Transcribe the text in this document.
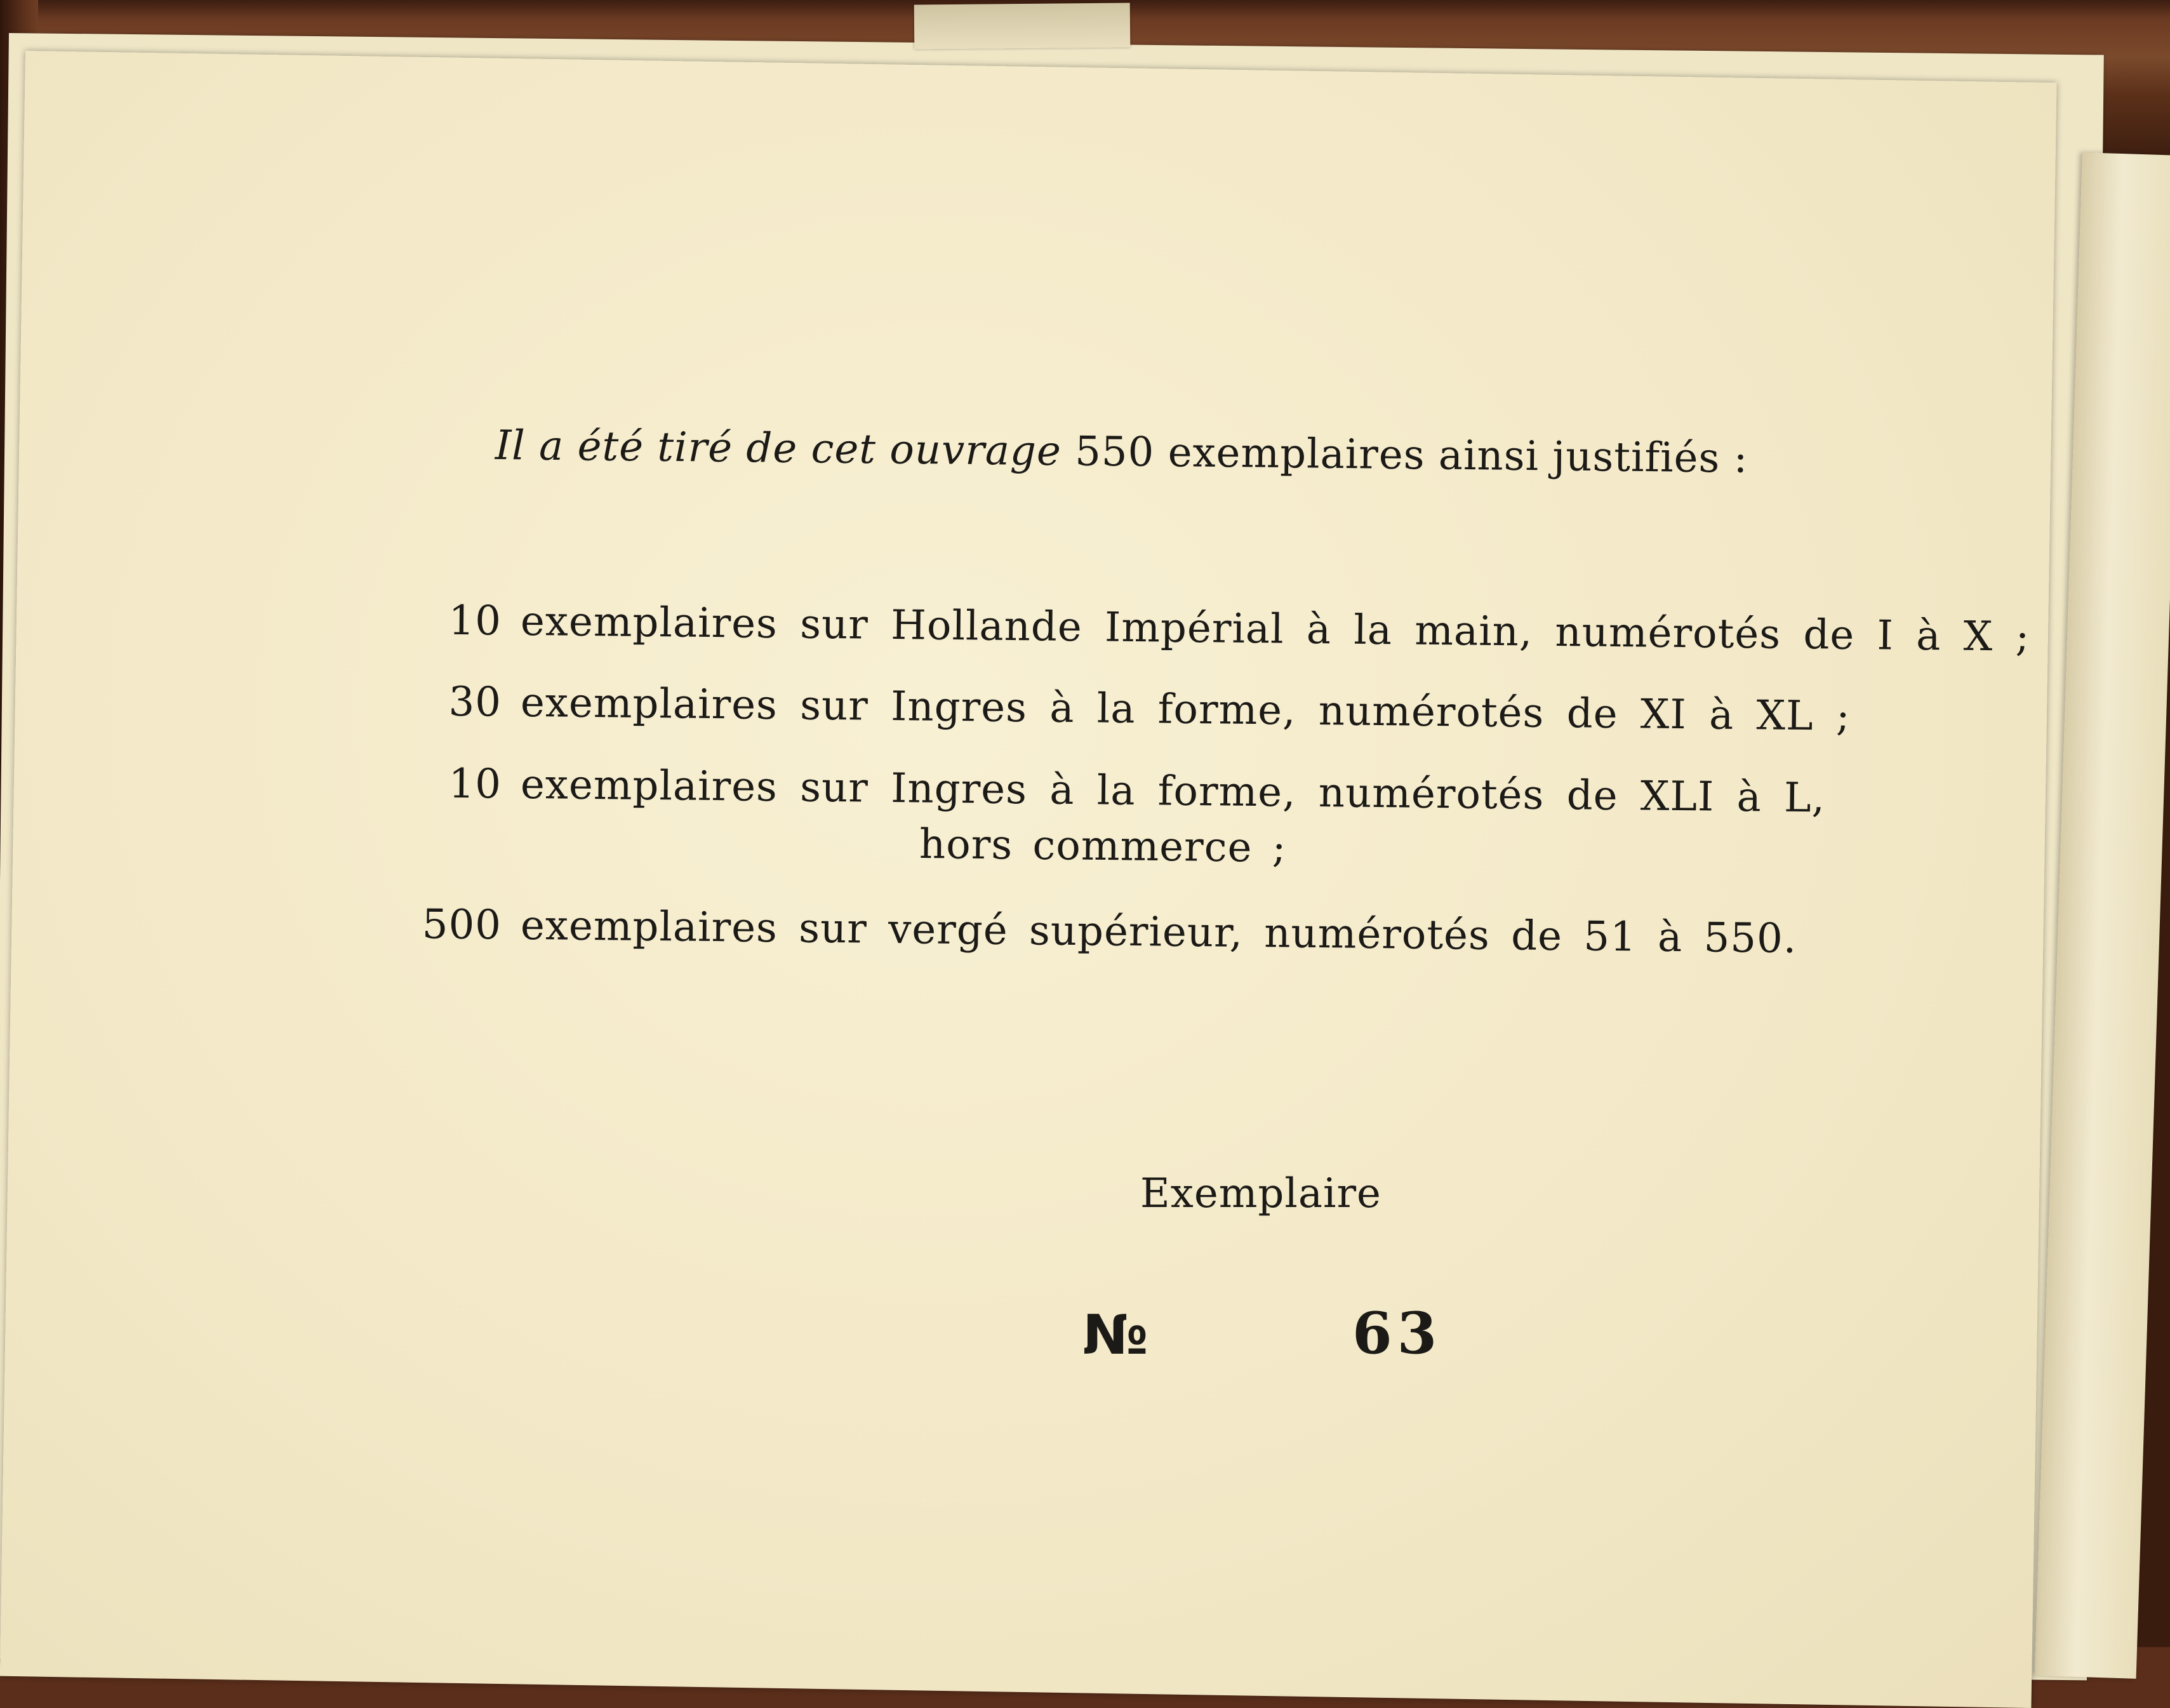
Il a été tiré de cet ouvrage 550 exemplaires ainsi justifiés :

10 exemplaires sur Hollande Impérial à la main, numérotés de I à X ;

30 exemplaires sur Ingres à la forme, numérotés de XI à XL ;

10 exemplaires sur Ingres à la forme, numérotés de XLI à L,

hors commerce ;

500 exemplaires sur vergé supérieur, numérotés de 51 à 550.

Exemplaire

№	63
